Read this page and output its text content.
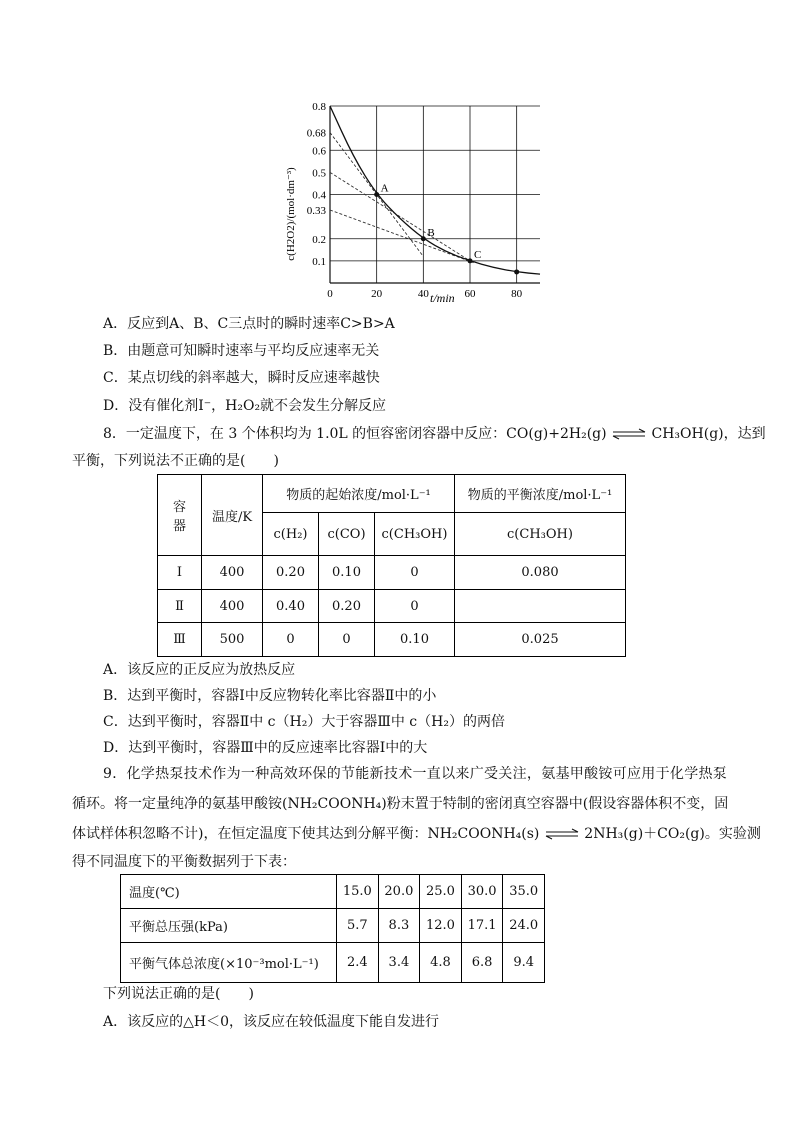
A
B
C
0.1
0.2
0.33
0.4
0.5
0.6
0.68
0.8
0	20	40	60	80
t/min
c(H2O2)/(mol·dm⁻³)
A．反应到A、B、C三点时的瞬时速率C>B>A
B．由题意可知瞬时速率与平均反应速率无关
C．某点切线的斜率越大，瞬时反应速率越快
D．没有催化剂I⁻，H₂O₂就不会发生分解反应
8．一定温度下，在 3 个体积均为 1.0L 的恒容密闭容器中反应：CO(g)+2H₂(g) ⇌ CH₃OH(g)，达到
平衡，下列说法不正确的是(　　)
容器	温度/K	物质的起始浓度/mol·L⁻¹			物质的平衡浓度/mol·L⁻¹
		c(H₂)	c(CO)	c(CH₃OH)	c(CH₃OH)
Ⅰ	400	0.20	0.10	0	0.080
Ⅱ	400	0.40	0.20	0	
Ⅲ	500	0	0	0.10	0.025
A．该反应的正反应为放热反应
B．达到平衡时，容器Ⅰ中反应物转化率比容器Ⅱ中的小
C．达到平衡时，容器Ⅱ中 c（H₂）大于容器Ⅲ中 c（H₂）的两倍
D．达到平衡时，容器Ⅲ中的反应速率比容器Ⅰ中的大
9．化学热泵技术作为一种高效环保的节能新技术一直以来广受关注，氨基甲酸铵可应用于化学热泵
循环。将一定量纯净的氨基甲酸铵(NH₂COONH₄)粉末置于特制的密闭真空容器中(假设容器体积不变，固
体试样体积忽略不计)，在恒定温度下使其达到分解平衡：NH₂COONH₄(s) ⇌ 2NH₃(g)＋CO₂(g)。实验测
得不同温度下的平衡数据列于下表：
温度(℃)	15.0	20.0	25.0	30.0	35.0
平衡总压强(kPa)	5.7	8.3	12.0	17.1	24.0
平衡气体总浓度(×10⁻³mol·L⁻¹)	2.4	3.4	4.8	6.8	9.4
下列说法正确的是(　　)
A．该反应的△H＜0，该反应在较低温度下能自发进行
